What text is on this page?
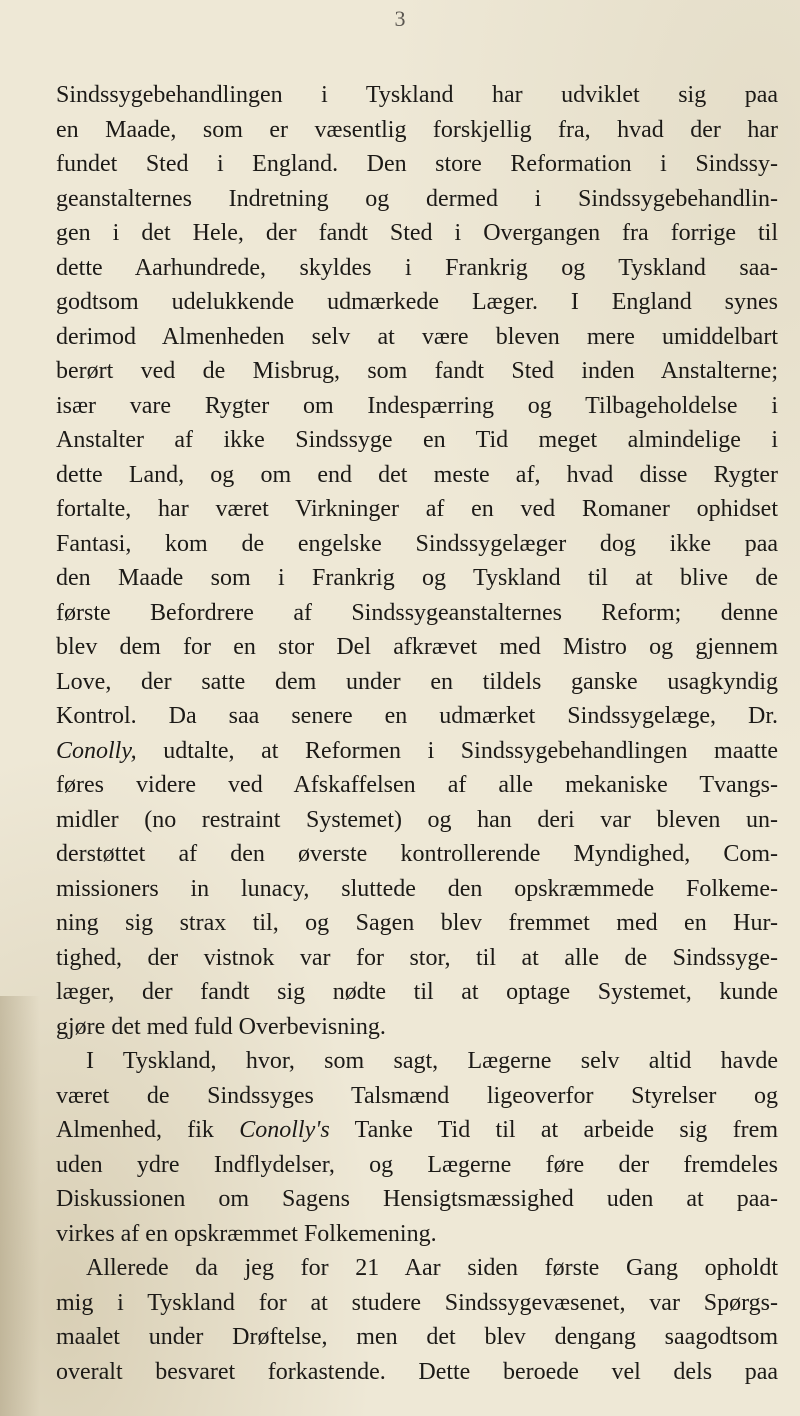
3
Sindssygebehandlingen i Tyskland har udviklet sig paa
en Maade, som er væsentlig forskjellig fra, hvad der har
fundet Sted i England. Den store Reformation i Sindssy-
geanstalternes Indretning og dermed i Sindssygebehandlin-
gen i det Hele, der fandt Sted i Overgangen fra forrige til
dette Aarhundrede, skyldes i Frankrig og Tyskland saa-
godtsom udelukkende udmærkede Læger. I England synes
derimod Almenheden selv at være bleven mere umiddelbart
berørt ved de Misbrug, som fandt Sted inden Anstalterne;
især vare Rygter om Indespærring og Tilbageholdelse i
Anstalter af ikke Sindssyge en Tid meget almindelige i
dette Land, og om end det meste af, hvad disse Rygter
fortalte, har været Virkninger af en ved Romaner ophidset
Fantasi, kom de engelske Sindssygelæger dog ikke paa
den Maade som i Frankrig og Tyskland til at blive de
første Befordrere af Sindssygeanstalternes Reform; denne
blev dem for en stor Del afkrævet med Mistro og gjennem
Love, der satte dem under en tildels ganske usagkyndig
Kontrol. Da saa senere en udmærket Sindssygelæge, Dr.
Conolly, udtalte, at Reformen i Sindssygebehandlingen maatte
føres videre ved Afskaffelsen af alle mekaniske Tvangs-
midler (no restraint Systemet) og han deri var bleven un-
derstøttet af den øverste kontrollerende Myndighed, Com-
missioners in lunacy, sluttede den opskræmmede Folkeme-
ning sig strax til, og Sagen blev fremmet med en Hur-
tighed, der vistnok var for stor, til at alle de Sindssyge-
læger, der fandt sig nødte til at optage Systemet, kunde
gjøre det med fuld Overbevisning.
I Tyskland, hvor, som sagt, Lægerne selv altid havde
været de Sindssyges Talsmænd ligeoverfor Styrelser og
Almenhed, fik Conolly's Tanke Tid til at arbeide sig frem
uden ydre Indflydelser, og Lægerne føre der fremdeles
Diskussionen om Sagens Hensigtsmæssighed uden at paa-
virkes af en opskræmmet Folkemening.
Allerede da jeg for 21 Aar siden første Gang opholdt
mig i Tyskland for at studere Sindssygevæsenet, var Spørgs-
maalet under Drøftelse, men det blev dengang saagodtsom
overalt besvaret forkastende. Dette beroede vel dels paa
